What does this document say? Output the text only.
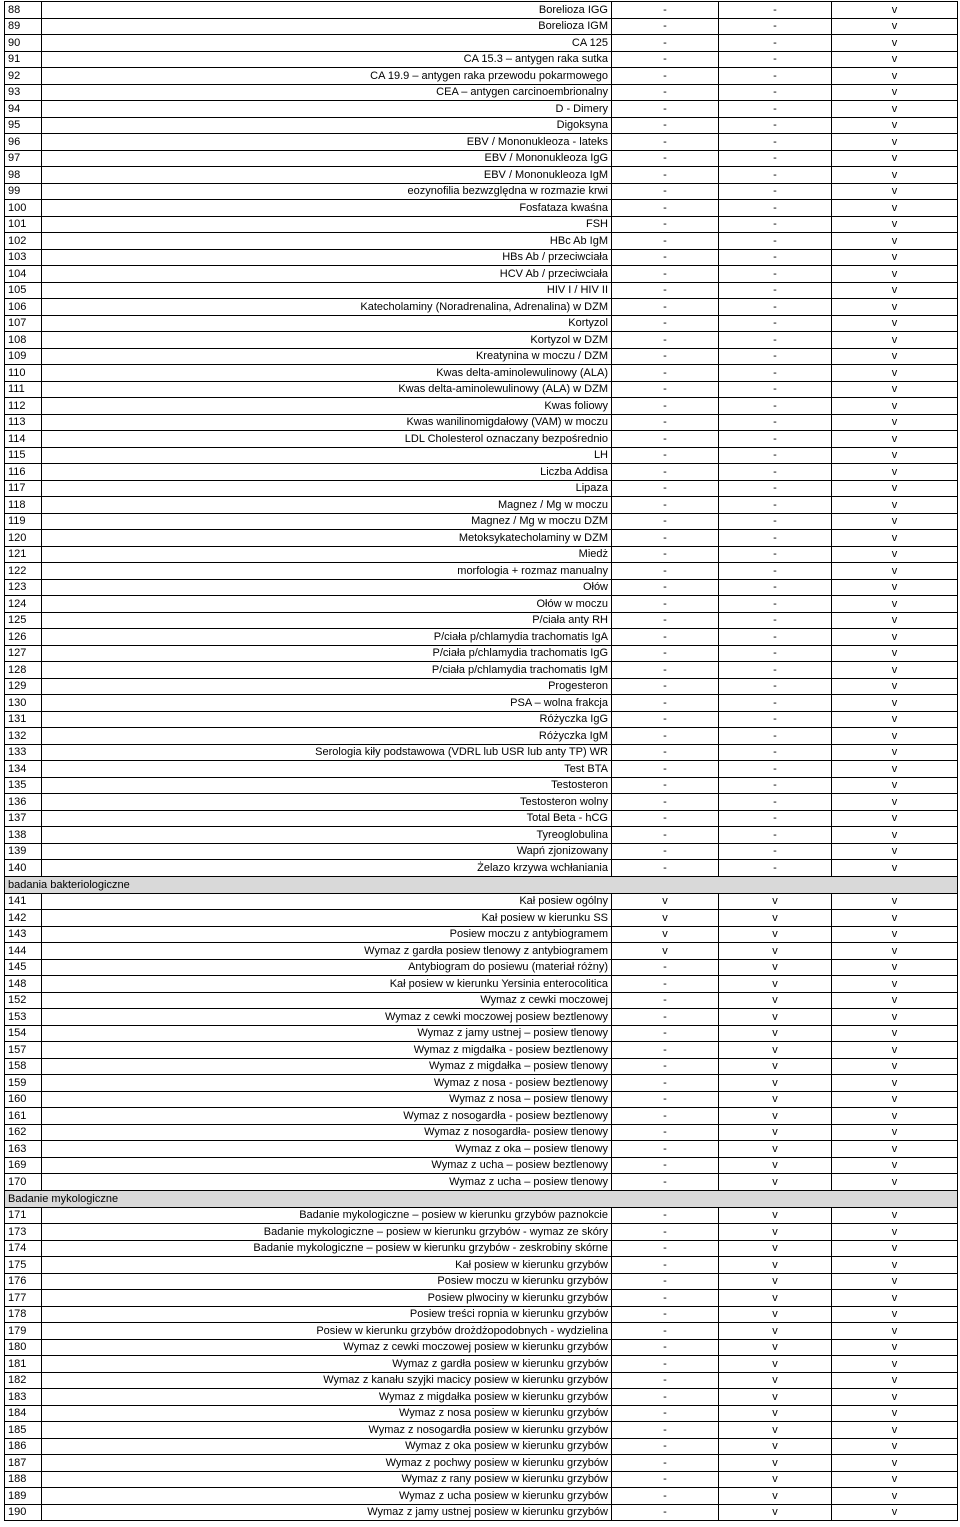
88	Borelioza IGG	-	-	v
89	Borelioza IGM	-	-	v
90	CA 125	-	-	v
91	CA 15.3 – antygen raka sutka	-	-	v
92	CA 19.9 – antygen raka przewodu pokarmowego	-	-	v
93	CEA – antygen carcinoembrionalny	-	-	v
94	D - Dimery	-	-	v
95	Digoksyna	-	-	v
96	EBV / Mononukleoza - lateks	-	-	v
97	EBV / Mononukleoza IgG	-	-	v
98	EBV / Mononukleoza IgM	-	-	v
99	eozynofilia bezwzględna w rozmazie krwi	-	-	v
100	Fosfataza kwaśna	-	-	v
101	FSH	-	-	v
102	HBc Ab IgM	-	-	v
103	HBs Ab / przeciwciała	-	-	v
104	HCV Ab / przeciwciała	-	-	v
105	HIV I / HIV II	-	-	v
106	Katecholaminy (Noradrenalina, Adrenalina) w DZM	-	-	v
107	Kortyzol	-	-	v
108	Kortyzol w DZM	-	-	v
109	Kreatynina w moczu / DZM	-	-	v
110	Kwas delta-aminolewulinowy (ALA)	-	-	v
111	Kwas delta-aminolewulinowy (ALA) w DZM	-	-	v
112	Kwas foliowy	-	-	v
113	Kwas wanilinomigdałowy (VAM) w moczu	-	-	v
114	LDL Cholesterol oznaczany bezpośrednio	-	-	v
115	LH	-	-	v
116	Liczba Addisa	-	-	v
117	Lipaza	-	-	v
118	Magnez / Mg w moczu	-	-	v
119	Magnez / Mg w moczu DZM	-	-	v
120	Metoksykatecholaminy w DZM	-	-	v
121	Miedż	-	-	v
122	morfologia + rozmaz manualny	-	-	v
123	Ołów	-	-	v
124	Ołów w moczu	-	-	v
125	P/ciała anty RH	-	-	v
126	P/ciała p/chlamydia trachomatis IgA	-	-	v
127	P/ciała p/chlamydia trachomatis IgG	-	-	v
128	P/ciała p/chlamydia trachomatis IgM	-	-	v
129	Progesteron	-	-	v
130	PSA – wolna frakcja	-	-	v
131	Różyczka IgG	-	-	v
132	Różyczka IgM	-	-	v
133	Serologia kiły podstawowa (VDRL lub USR lub anty TP) WR	-	-	v
134	Test BTA	-	-	v
135	Testosteron	-	-	v
136	Testosteron wolny	-	-	v
137	Total Beta - hCG	-	-	v
138	Tyreoglobulina	-	-	v
139	Wapń zjonizowany	-	-	v
140	Żelazo krzywa wchłaniania	-	-	v
badania bakteriologiczne				
141	Kał posiew ogólny	v	v	v
142	Kał posiew w kierunku SS	v	v	v
143	Posiew moczu z antybiogramem	v	v	v
144	Wymaz z gardła posiew tlenowy z antybiogramem	v	v	v
145	Antybiogram do posiewu (materiał różny)	-	v	v
148	Kał posiew w kierunku Yersinia enterocolitica	-	v	v
152	Wymaz z cewki moczowej	-	v	v
153	Wymaz z cewki moczowej posiew beztlenowy	-	v	v
154	Wymaz z jamy ustnej – posiew tlenowy	-	v	v
157	Wymaz z migdałka - posiew beztlenowy	-	v	v
158	Wymaz z migdałka – posiew tlenowy	-	v	v
159	Wymaz z nosa - posiew beztlenowy	-	v	v
160	Wymaz z nosa – posiew tlenowy	-	v	v
161	Wymaz z nosogardła - posiew beztlenowy	-	v	v
162	Wymaz z nosogardła- posiew tlenowy	-	v	v
163	Wymaz z oka – posiew tlenowy	-	v	v
169	Wymaz z ucha – posiew beztlenowy	-	v	v
170	Wymaz z ucha – posiew tlenowy	-	v	v
Badanie mykologiczne				
171	Badanie mykologiczne – posiew w kierunku grzybów paznokcie	-	v	v
173	Badanie mykologiczne – posiew w kierunku grzybów - wymaz ze skóry	-	v	v
174	Badanie mykologiczne – posiew w kierunku grzybów - zeskrobiny skórne	-	v	v
175	Kał posiew w kierunku grzybów	-	v	v
176	Posiew moczu w kierunku grzybów	-	v	v
177	Posiew plwociny w kierunku grzybów	-	v	v
178	Posiew treści ropnia w kierunku grzybów	-	v	v
179	Posiew w kierunku grzybów drożdżopodobnych - wydzielina	-	v	v
180	Wymaz z cewki moczowej posiew w kierunku grzybów	-	v	v
181	Wymaz z gardła posiew w kierunku grzybów	-	v	v
182	Wymaz z kanału szyjki macicy posiew w kierunku grzybów	-	v	v
183	Wymaz z migdałka posiew w kierunku grzybów	-	v	v
184	Wymaz z nosa posiew w kierunku grzybów	-	v	v
185	Wymaz z nosogardła posiew w kierunku grzybów	-	v	v
186	Wymaz z oka posiew w kierunku grzybów	-	v	v
187	Wymaz z pochwy posiew w kierunku grzybów	-	v	v
188	Wymaz z rany posiew w kierunku grzybów	-	v	v
189	Wymaz z ucha posiew w kierunku grzybów	-	v	v
190	Wymaz z jamy ustnej posiew w kierunku grzybów	-	v	v
